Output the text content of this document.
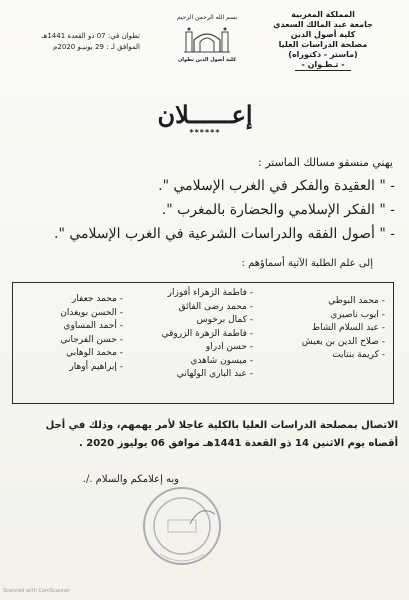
المملكة المغربية
جامعة عبد المالك السعدي
كلية أصول الدين
مصلحة الدراسات العليا
(ماستر - دكتوراه)
- تـطـوان -
بسم الله الرحمن الرحيم
كلية أصول الدين تطوان
تطوان في: 07 ذو القعدة 1441هـ
الموافق لـ : 29 يونيـو 2020م
إعــــــلان
******
يهني منسقو مسالك الماستر :
- " العقيدة والفكر في الغرب الإسلامي ".
- " الفكر الإسلامي والحضارة بالمغرب ".
- " أصول الفقه والدراسات الشرعية في الغرب الإسلامي ".
إلى علم الطلبة الآتية أسماؤهم :
- محمد البوطي
- ايوب ناصيري
- عبد السلام الشاط
- صلاح الدين بن يعيش
- كريمة بنتابت
- فاطمة الزهراء أفوزار
- محمد رضى الفائق
- كمال برخوس
- فاطمة الزهرة الزروقي
- حسن ادراو
- ميسون شاهدي
- عبد الباري الولهاني
- محمد جعفار
- الحسن بويغدان
- أحمد المساوي
- حسن الفرجاني
- محمد الوهابي
- إبراهيم أوهار
الاتصال بمصلحة الدراسات العليا بالكلية عاجلا لأمر يهمهم، وذلك في أجل
أقصاه يوم الاثنين 14 ذو القعدة 1441هـ موافق 06 يوليوز 2020 .
وبه إعلامكم والسلام ./.
Scanned with CamScanner
